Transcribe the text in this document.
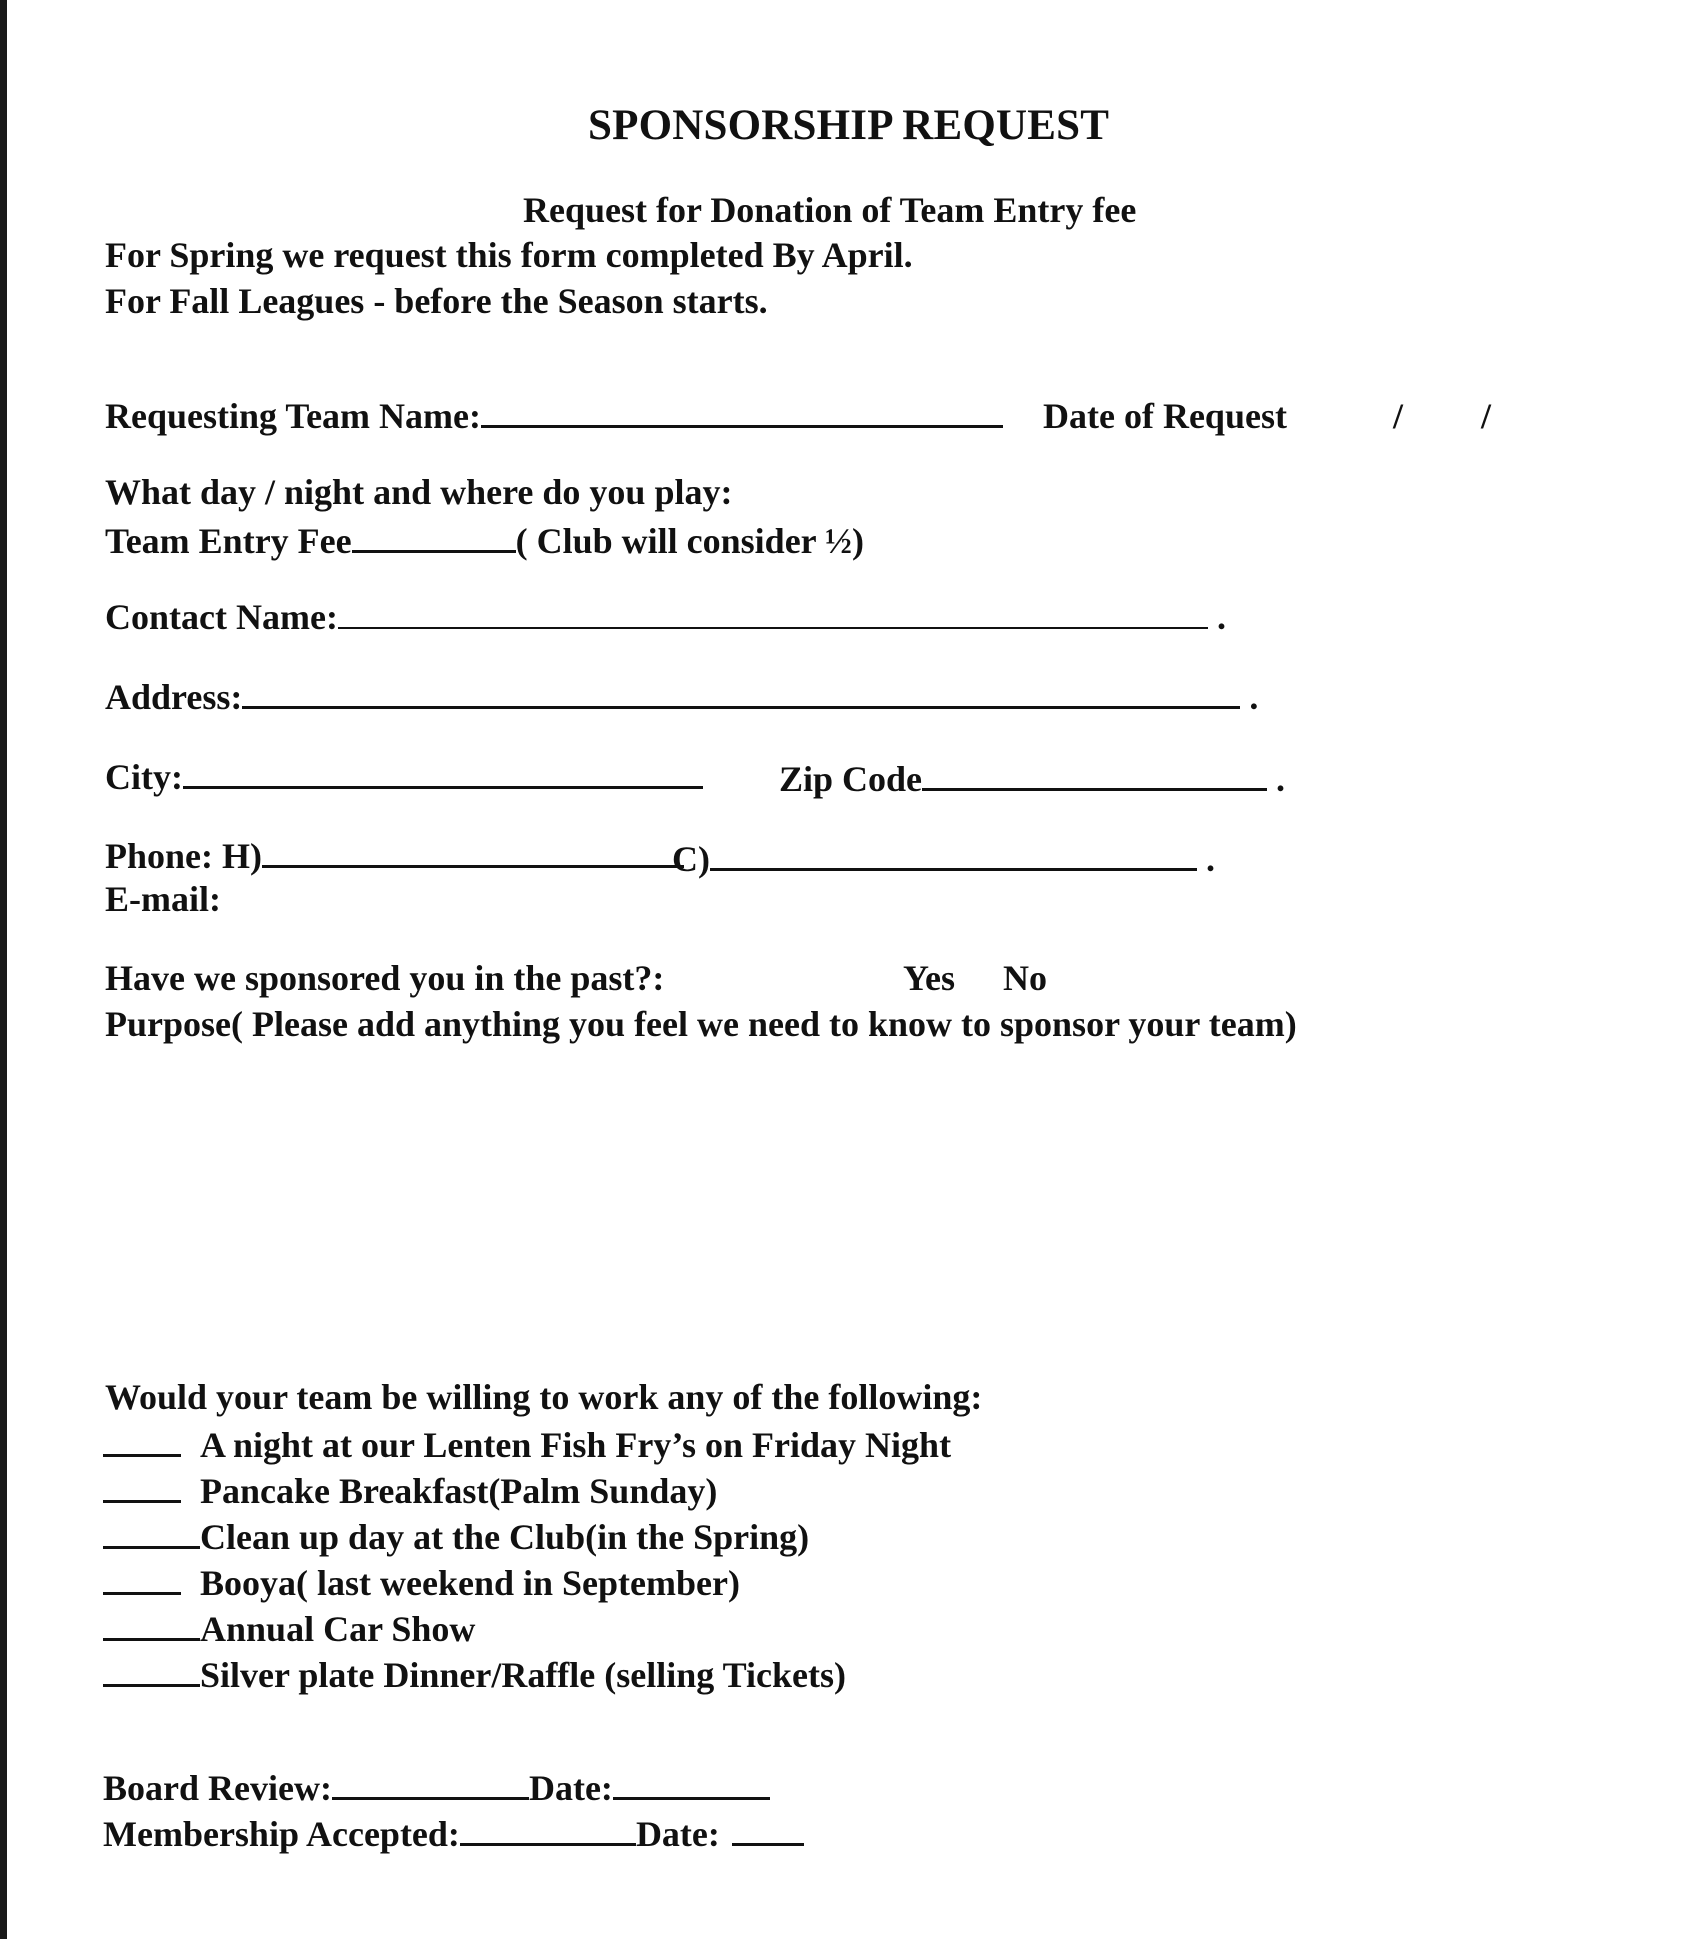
SPONSORSHIP REQUEST
Request for Donation of Team Entry fee
For Spring we request this form completed By April.
For Fall Leagues - before the Season starts.
Requesting Team Name:	Date of Request	/ /
What day / night and where do you play:
Team Entry Fee	( Club will consider ½)
Contact Name:	.
Address:	.
City:	Zip Code	.
Phone: H)	C)	.
E-mail:
Have we sponsored you in the past?:	Yes No
Purpose( Please add anything you feel we need to know to sponsor your team)
Would your team be willing to work any of the following:
A night at our Lenten Fish Fry’s on Friday Night
Pancake Breakfast(Palm Sunday)
Clean up day at the Club(in the Spring)
Booya( last weekend in September)
Annual Car Show
Silver plate Dinner/Raffle (selling Tickets)
Board Review:	Date:
Membership Accepted:	Date:
